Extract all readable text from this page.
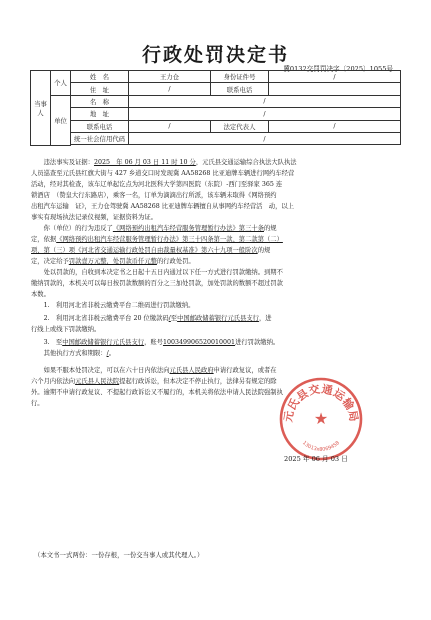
行政处罚决定书
冀0132交罚罚决字〔2025〕1055号
当事人	个人	姓　名	王力仓	身份证件号	/
		住　址	/	联系电话	
	单位	名　称	/		
		地　址	/		
		联系电话	/	法定代表人	/
		统一社会信用代码	/		

违法事实及证据：2025　年 06 月 03 日 11 时 10 分，元氏县交通运输综合执法大队执法

人员巡查至元氏县红旗大街与 427 乡道交口时发现冀 AA58268 比亚迪牌车辆进行网约车经营

活动，经对其检查，该车辽单起讫点为河北医科大学第四医院（东院）-西门至驿家 365 连

锁酒店　（赞皇大行东路店），乘客一名，订单为滴滴出行所派，该车辆未取得《网络预约

出租汽车运输　证》，王力仓驾驶冀 AA58268 比亚迪牌车辆擅自从事网约车经营活　动，以上

事实有现场执法记录仪视频，证据资料为证。

你（单位）的行为违反了《网络预约出租汽车经营服务管理暂行办法》第三十条的规

定，依据《网络预约出租汽车经营服务管理暂行办法》第三十四条第一款、第二款第（二）

项、第（三）项《河北省交通运输行政处罚自由裁量权基准》第六十九项一般阶次的规

定，决定给予罚款壹万元整，处罚款币仟元整的行政处罚。

处以罚款的，自收到本决定书之日起十五日内通过以下任一方式进行罚款缴纳。到期不

缴纳罚款的，本机关可以每日按罚款数额的百分之三加处罚款，加处罚款的数额不超过罚款

本数。

1.　利用河北省非税云缴费平台二维码进行罚款缴纳。

2.　利用河北省非税云缴费平台 20 位缴款码/至中国邮政储蓄银行元氏县支行，进

行线上或线下罚款缴纳。

3.　至中国邮政储蓄银行元氏县支行，账号100349906520010001进行罚款缴纳。

其他执行方式和期限：/。

如果不服本处罚决定，可以在六十日内依法向元氏县人民政府申请行政复议，或者在

六个月内依法向元氏县人民法院提起行政诉讼，但本决定不停止执行，法律另有规定的除

外。逾期不申请行政复议、不提起行政诉讼又不履行的，本机关将依法申请人民法院强制执

行。

元氏县交通运输局
★
13013x8069458
2025 年 06 月 03 日
（本文书一式两份：一份存根，一份交当事人或其代理人。）
